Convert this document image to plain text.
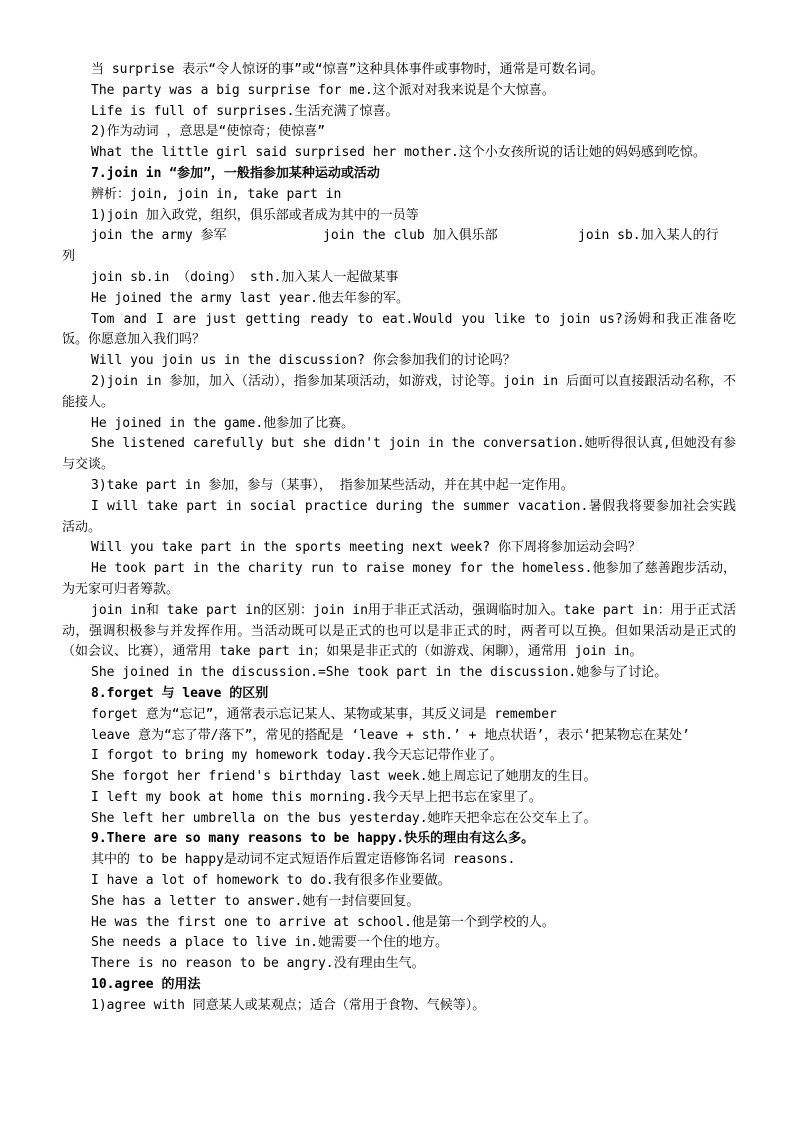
当 surprise 表示“令人惊讶的事”或“惊喜”这种具体事件或事物时，通常是可数名词。
The party was a big surprise for me.这个派对对我来说是个大惊喜。
Life is full of surprises.生活充满了惊喜。
2)作为动词 ，意思是“使惊奇；使惊喜”
What the little girl said surprised her mother.这个小女孩所说的话让她的妈妈感到吃惊。
7.join in “参加”，一般指参加某种运动或活动
辨析：join, join in, take part in
1)join 加入政党，组织，俱乐部或者成为其中的一员等
join the army 参军	join the club 加入俱乐部	join sb.加入某人的行
列
join sb.in （doing） sth.加入某人一起做某事
He joined the army last year.他去年参的军。
Tom and I are just getting ready to eat.Would you like to join us?汤姆和我正准备吃饭。你愿意加入我们吗？
Will you join us in the discussion? 你会参加我们的讨论吗？
2)join in 参加，加入（活动），指参加某项活动，如游戏，讨论等。join in 后面可以直接跟活动名称，不能接人。
He joined in the game.他参加了比赛。
She listened carefully but she didn't join in the conversation.她听得很认真,但她没有参与交谈。
3)take part in 参加，参与（某事）， 指参加某些活动，并在其中起一定作用。
I will take part in social practice during the summer vacation.暑假我将要参加社会实践活动。
Will you take part in the sports meeting next week? 你下周将参加运动会吗？
He took part in the charity run to raise money for the homeless.他参加了慈善跑步活动，为无家可归者筹款。
join in和 take part in的区别：join in用于非正式活动，强调临时加入。take part in：用于正式活动，强调积极参与并发挥作用。当活动既可以是正式的也可以是非正式的时，两者可以互换。但如果活动是正式的（如会议、比赛），通常用 take part in；如果是非正式的（如游戏、闲聊），通常用 join in。
She joined in the discussion.=She took part in the discussion.她参与了讨论。
8.forget 与 leave 的区别
forget 意为“忘记”，通常表示忘记某人、某物或某事，其反义词是 remember
leave 意为“忘了带/落下”，常见的搭配是 ‘leave + sth.’ + 地点状语’，表示‘把某物忘在某处’
I forgot to bring my homework today.我今天忘记带作业了。
She forgot her friend's birthday last week.她上周忘记了她朋友的生日。
I left my book at home this morning.我今天早上把书忘在家里了。
She left her umbrella on the bus yesterday.她昨天把伞忘在公交车上了。
9.There are so many reasons to be happy.快乐的理由有这么多。
其中的 to be happy是动词不定式短语作后置定语修饰名词 reasons.
I have a lot of homework to do.我有很多作业要做。
She has a letter to answer.她有一封信要回复。
He was the first one to arrive at school.他是第一个到学校的人。
She needs a place to live in.她需要一个住的地方。
There is no reason to be angry.没有理由生气。
10.agree 的用法
1)agree with 同意某人或某观点；适合（常用于食物、气候等）。
